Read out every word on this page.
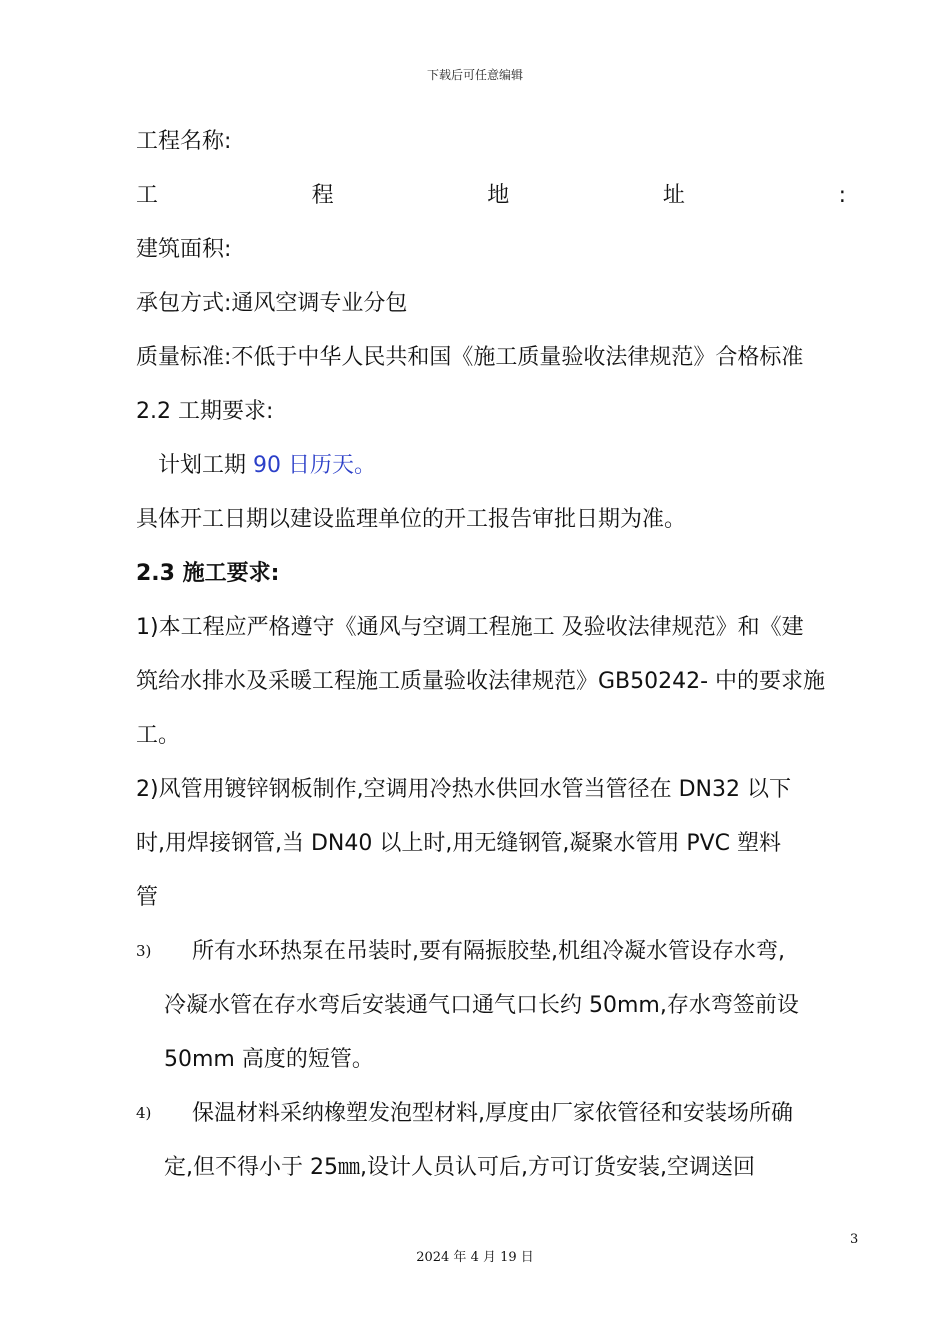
下载后可任意编辑
工程名称:
工	程	地	址	:
建筑面积:
承包方式:通风空调专业分包
质量标准:不低于中华人民共和国《施工质量验收法律规范》合格标准
2.2 工期要求:
计划工期 90 日历天。
具体开工日期以建设监理单位的开工报告审批日期为准。
2.3 施工要求:
1)本工程应严格遵守《通风与空调工程施工 及验收法律规范》和《建
筑给水排水及采暖工程施工质量验收法律规范》GB50242- 中的要求施
工。
2)风管用镀锌钢板制作,空调用冷热水供回水管当管径在 DN32 以下
时,用焊接钢管,当 DN40 以上时,用无缝钢管,凝聚水管用 PVC 塑料
管
3) 所有水环热泵在吊装时,要有隔振胶垫,机组冷凝水管设存水弯,
冷凝水管在存水弯后安装通气口通气口长约 50mm,存水弯签前设
50mm 高度的短管。
4) 保温材料采纳橡塑发泡型材料,厚度由厂家依管径和安装场所确
定,但不得小于 25㎜,设计人员认可后,方可订货安装,空调送回
3
2024 年 4 月 19 日
